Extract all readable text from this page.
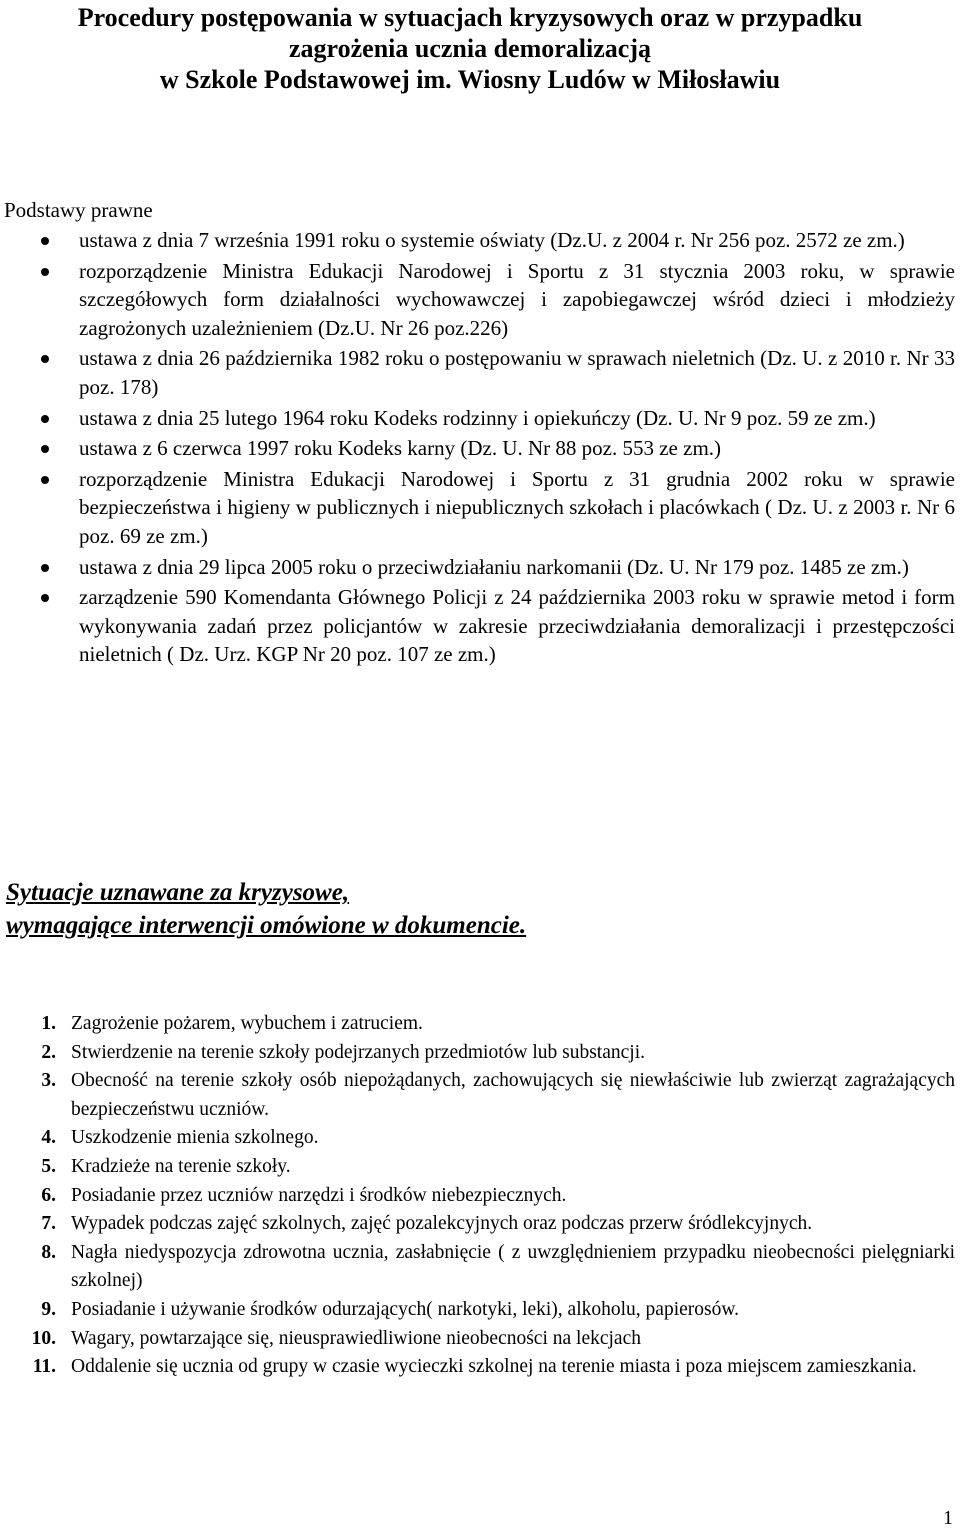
Procedury postępowania w sytuacjach kryzysowych oraz w przypadku
zagrożenia ucznia demoralizacją
w Szkole Podstawowej im. Wiosny Ludów w Miłosławiu

Podstawy prawne

ustawa z dnia 7 września 1991 roku o systemie oświaty (Dz.U. z 2004 r. Nr 256 poz. 2572 ze zm.)
rozporządzenie Ministra Edukacji Narodowej i Sportu z 31 stycznia 2003 roku, w sprawie szczegółowych form działalności wychowawczej i zapobiegawczej wśród dzieci i młodzieży zagrożonych uzależnieniem (Dz.U. Nr 26 poz.226)
ustawa z dnia 26 października 1982 roku o postępowaniu w sprawach nieletnich (Dz. U. z 2010 r. Nr 33 poz. 178)
ustawa z dnia 25 lutego 1964 roku Kodeks rodzinny i opiekuńczy (Dz. U. Nr 9 poz. 59 ze zm.)
ustawa z 6 czerwca 1997 roku Kodeks karny (Dz. U. Nr 88 poz. 553 ze zm.)
rozporządzenie Ministra Edukacji Narodowej i Sportu z 31 grudnia 2002 roku w sprawie bezpieczeństwa i higieny w publicznych i niepublicznych szkołach i placówkach ( Dz. U. z 2003 r. Nr 6 poz. 69 ze zm.)
ustawa z dnia 29 lipca 2005 roku o przeciwdziałaniu narkomanii (Dz. U. Nr 179 poz. 1485 ze zm.)
zarządzenie 590 Komendanta Głównego Policji z 24 października 2003 roku w sprawie metod i form wykonywania zadań przez policjantów w zakresie przeciwdziałania demoralizacji i przestępczości nieletnich ( Dz. Urz. KGP Nr 20 poz. 107 ze zm.)
Sytuacje uznawane za kryzysowe,
wymagające interwencji omówione w dokumencie.
1. Zagrożenie pożarem, wybuchem i zatruciem.
2. Stwierdzenie na terenie szkoły podejrzanych przedmiotów lub substancji.
3. Obecność na terenie szkoły osób niepożądanych, zachowujących się niewłaściwie lub zwierząt zagrażających bezpieczeństwu uczniów.
4. Uszkodzenie mienia szkolnego.
5. Kradzieże na terenie szkoły.
6. Posiadanie przez uczniów narzędzi i środków niebezpiecznych.
7. Wypadek podczas zajęć szkolnych, zajęć pozalekcyjnych oraz podczas przerw śródlekcyjnych.
8. Nagła niedyspozycja zdrowotna ucznia, zasłabnięcie ( z uwzględnieniem przypadku nieobecności pielęgniarki szkolnej)
9. Posiadanie i używanie środków odurzających( narkotyki, leki), alkoholu, papierosów.
10. Wagary, powtarzające się, nieusprawiedliwione nieobecności na lekcjach
11. Oddalenie się ucznia od grupy w czasie wycieczki szkolnej na terenie miasta i poza miejscem zamieszkania.
1
